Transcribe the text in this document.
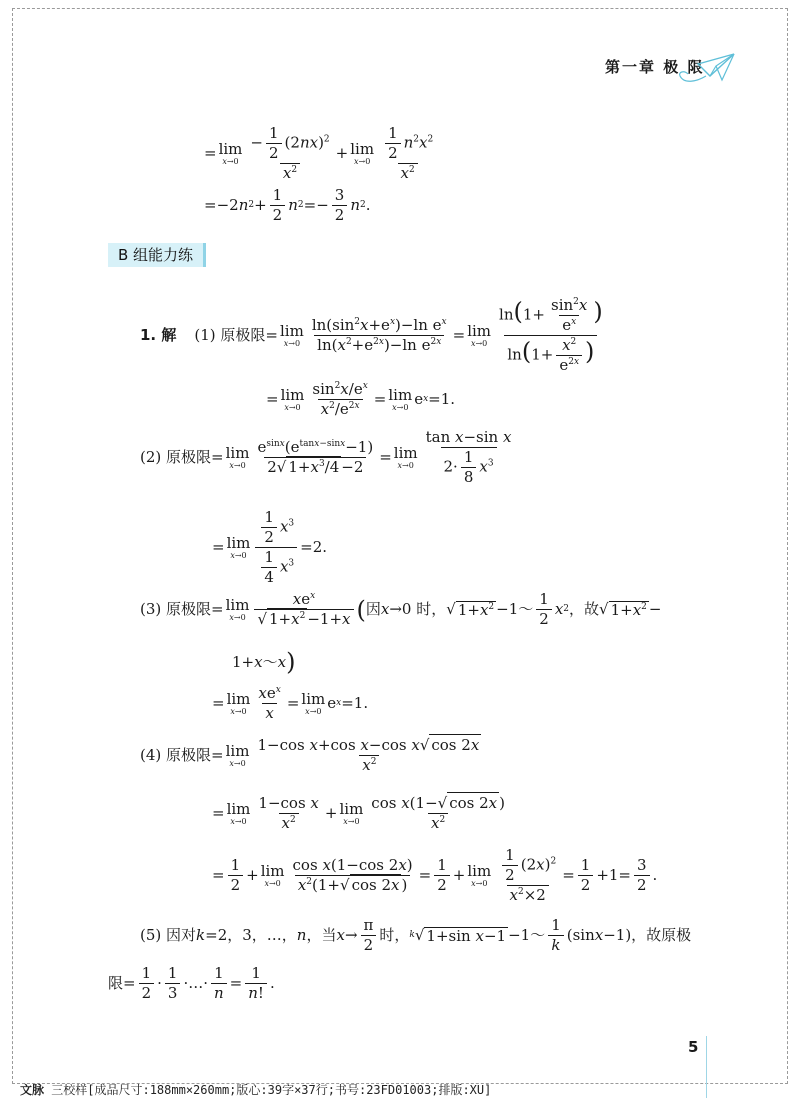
第一章 极 限
= lim
x→0
− $\frac{1}{2} (2nx)^2$
$x^2$
+ lim
$x\to 0 \frac{1}{2} n^2x^2$
$x^2$
=−2 n 2 +
1
2
n 2 =−
3
2
n 2 .
B 组能力练
1. 解 (1)
原极限 = lim
x→0
$\ln(\sin^2x+e^x)-\ln$ $e^x$
$\ln(x^2+e^{2x})-\ln$ $e^{2x} = \lim$
x→0
$\ln(1+ \frac{\sin^2x}{e^x}$ )
$\ln(1+ \frac{x^2}{e^{2x}}$ )
= lim
x→0
$\sin^2x/e^x$
$x^2/e^{2x} = \lim$
x→0 e x =1.
(2)
原极限 = lim
x→0
$e^{sinx}(e^{tanx-sinx}-1)$
2√ $1+x^3/4 -2$
= lim
x→0
tan x−sin x
$2\cdot \frac{1}{8} x^3$
= lim
x→0
$\frac{1}{2} x^3$
$\frac{1}{4} x^3$
=2.
(3)
原极限 = lim
x→0
$xe^x$
√ $1+x^2 -1+x$ ( 因 x →0 时，√ $1+x^2$ −1～
1
2
x 2 ，故√ $1+x^2$ −
1+ x ～ x )
= lim
x→0
$xe^x$
x
= lim
x→0 e x =1.
(4)
原极限 = lim
x→0
1−cos x+cos x−cos x√ cos 2x
$x^2$
= lim
x→0
1−cos x
$x^2 + \lim$
x→0
cos x(1−√ cos 2x )
$x^2$
=
1
2
+ lim
x→0
cos x(1−cos 2x)
$x^2(1+√$ cos 2x )
=
1
2
+ lim
$x\to 0 \frac{1}{2} (2x)^2$
$x^2\times 2$
=
1
2
+1=
3
2
.
(5) 因对 k =2，3，…， n ，当 x →
π
2
时， k √ 1+sin x−1 −1～
1
k
(sin x −1)，故原极
限=
1
2
·
1
3
·…·
1
n
=
1
n!
.
5
文脉 三校样[成品尺寸:188mm×260mm;版心:39字×37行;书号:23FD01003;排版:XU]
